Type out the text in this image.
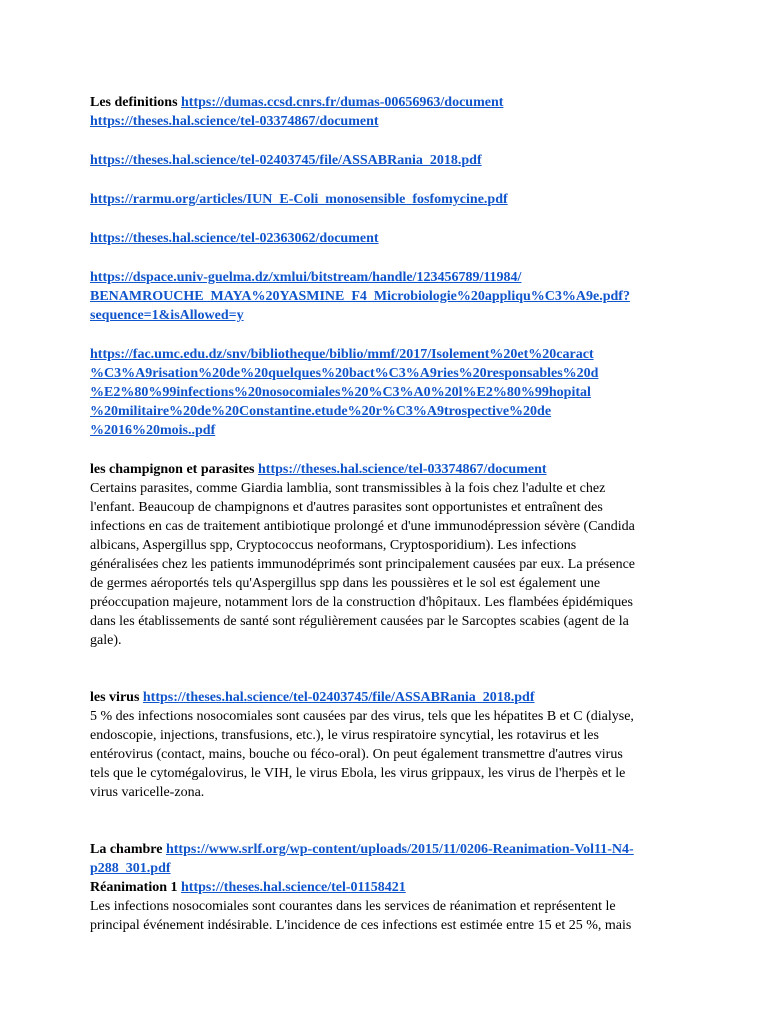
Les definitions https://dumas.ccsd.cnrs.fr/dumas-00656963/document
https://theses.hal.science/tel-03374867/document
https://theses.hal.science/tel-02403745/file/ASSABRania_2018.pdf
https://rarmu.org/articles/IUN_E-Coli_monosensible_fosfomycine.pdf
https://theses.hal.science/tel-02363062/document
https://dspace.univ-guelma.dz/xmlui/bitstream/handle/123456789/11984/
BENAMROUCHE_MAYA%20YASMINE_F4_Microbiologie%20appliqu%C3%A9e.pdf?
sequence=1&isAllowed=y
https://fac.umc.edu.dz/snv/bibliotheque/biblio/mmf/2017/Isolement%20et%20caract
%C3%A9risation%20de%20quelques%20bact%C3%A9ries%20responsables%20d
%E2%80%99infections%20nosocomiales%20%C3%A0%20l%E2%80%99hopital
%20militaire%20de%20Constantine.etude%20r%C3%A9trospective%20de
%2016%20mois..pdf
les champignon et parasites https://theses.hal.science/tel-03374867/document
Certains parasites, comme Giardia lamblia, sont transmissibles à la fois chez l'adulte et chez
l'enfant. Beaucoup de champignons et d'autres parasites sont opportunistes et entraînent des
infections en cas de traitement antibiotique prolongé et d'une immunodépression sévère (Candida
albicans, Aspergillus spp, Cryptococcus neoformans, Cryptosporidium). Les infections
généralisées chez les patients immunodéprimés sont principalement causées par eux. La présence
de germes aéroportés tels qu'Aspergillus spp dans les poussières et le sol est également une
préoccupation majeure, notamment lors de la construction d'hôpitaux. Les flambées épidémiques
dans les établissements de santé sont régulièrement causées par le Sarcoptes scabies (agent de la
gale).
les virus https://theses.hal.science/tel-02403745/file/ASSABRania_2018.pdf
5 % des infections nosocomiales sont causées par des virus, tels que les hépatites B et C (dialyse,
endoscopie, injections, transfusions, etc.), le virus respiratoire syncytial, les rotavirus et les
entérovirus (contact, mains, bouche ou féco-oral). On peut également transmettre d'autres virus
tels que le cytomégalovirus, le VIH, le virus Ebola, les virus grippaux, les virus de l'herpès et le
virus varicelle-zona.
La chambre https://www.srlf.org/wp-content/uploads/2015/11/0206-Reanimation-Vol11-N4-
p288_301.pdf
Réanimation 1 https://theses.hal.science/tel-01158421
Les infections nosocomiales sont courantes dans les services de réanimation et représentent le
principal événement indésirable. L'incidence de ces infections est estimée entre 15 et 25 %, mais
